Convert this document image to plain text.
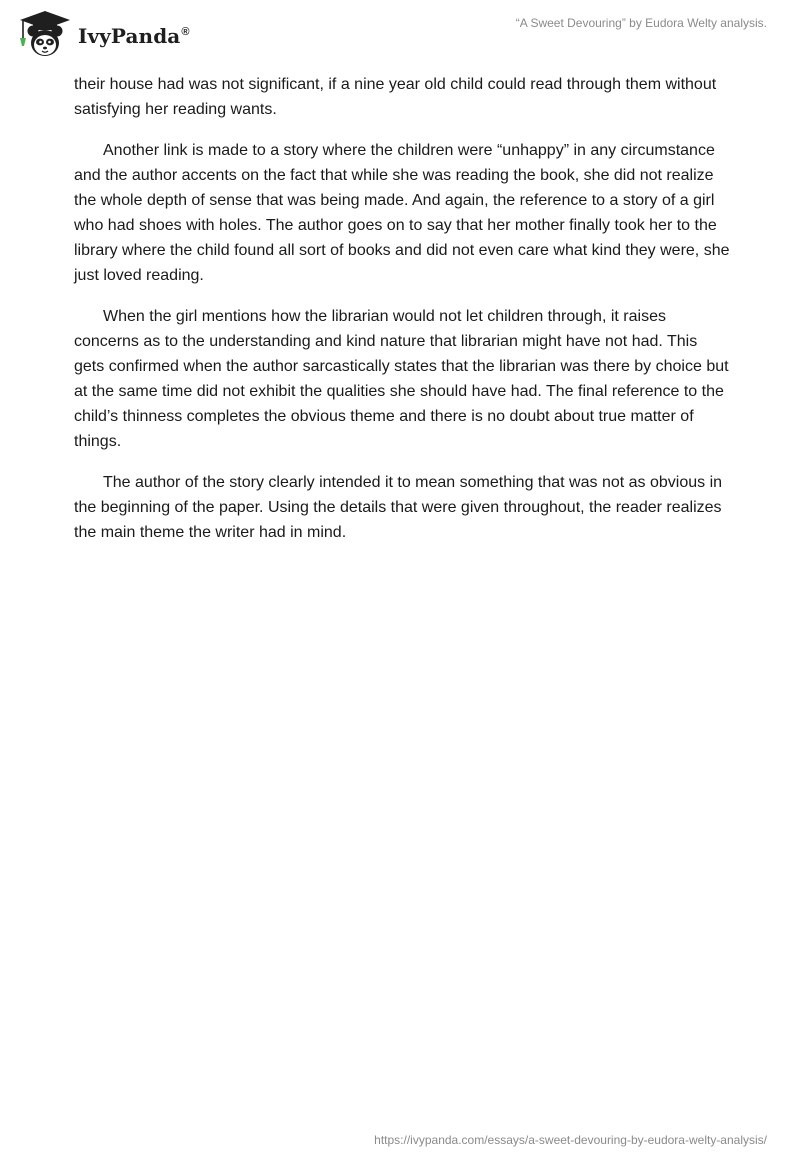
IvyPanda®
“A Sweet Devouring” by Eudora Welty analysis.

their house had was not significant, if a nine year old child could read through them without satisfying her reading wants.

Another link is made to a story where the children were “unhappy” in any circumstance and the author accents on the fact that while she was reading the book, she did not realize the whole depth of sense that was being made. And again, the reference to a story of a girl who had shoes with holes. The author goes on to say that her mother finally took her to the library where the child found all sort of books and did not even care what kind they were, she just loved reading.

When the girl mentions how the librarian would not let children through, it raises concerns as to the understanding and kind nature that librarian might have not had. This gets confirmed when the author sarcastically states that the librarian was there by choice but at the same time did not exhibit the qualities she should have had. The final reference to the child’s thinness completes the obvious theme and there is no doubt about true matter of things.

The author of the story clearly intended it to mean something that was not as obvious in the beginning of the paper. Using the details that were given throughout, the reader realizes the main theme the writer had in mind.

https://ivypanda.com/essays/a-sweet-devouring-by-eudora-welty-analysis/
